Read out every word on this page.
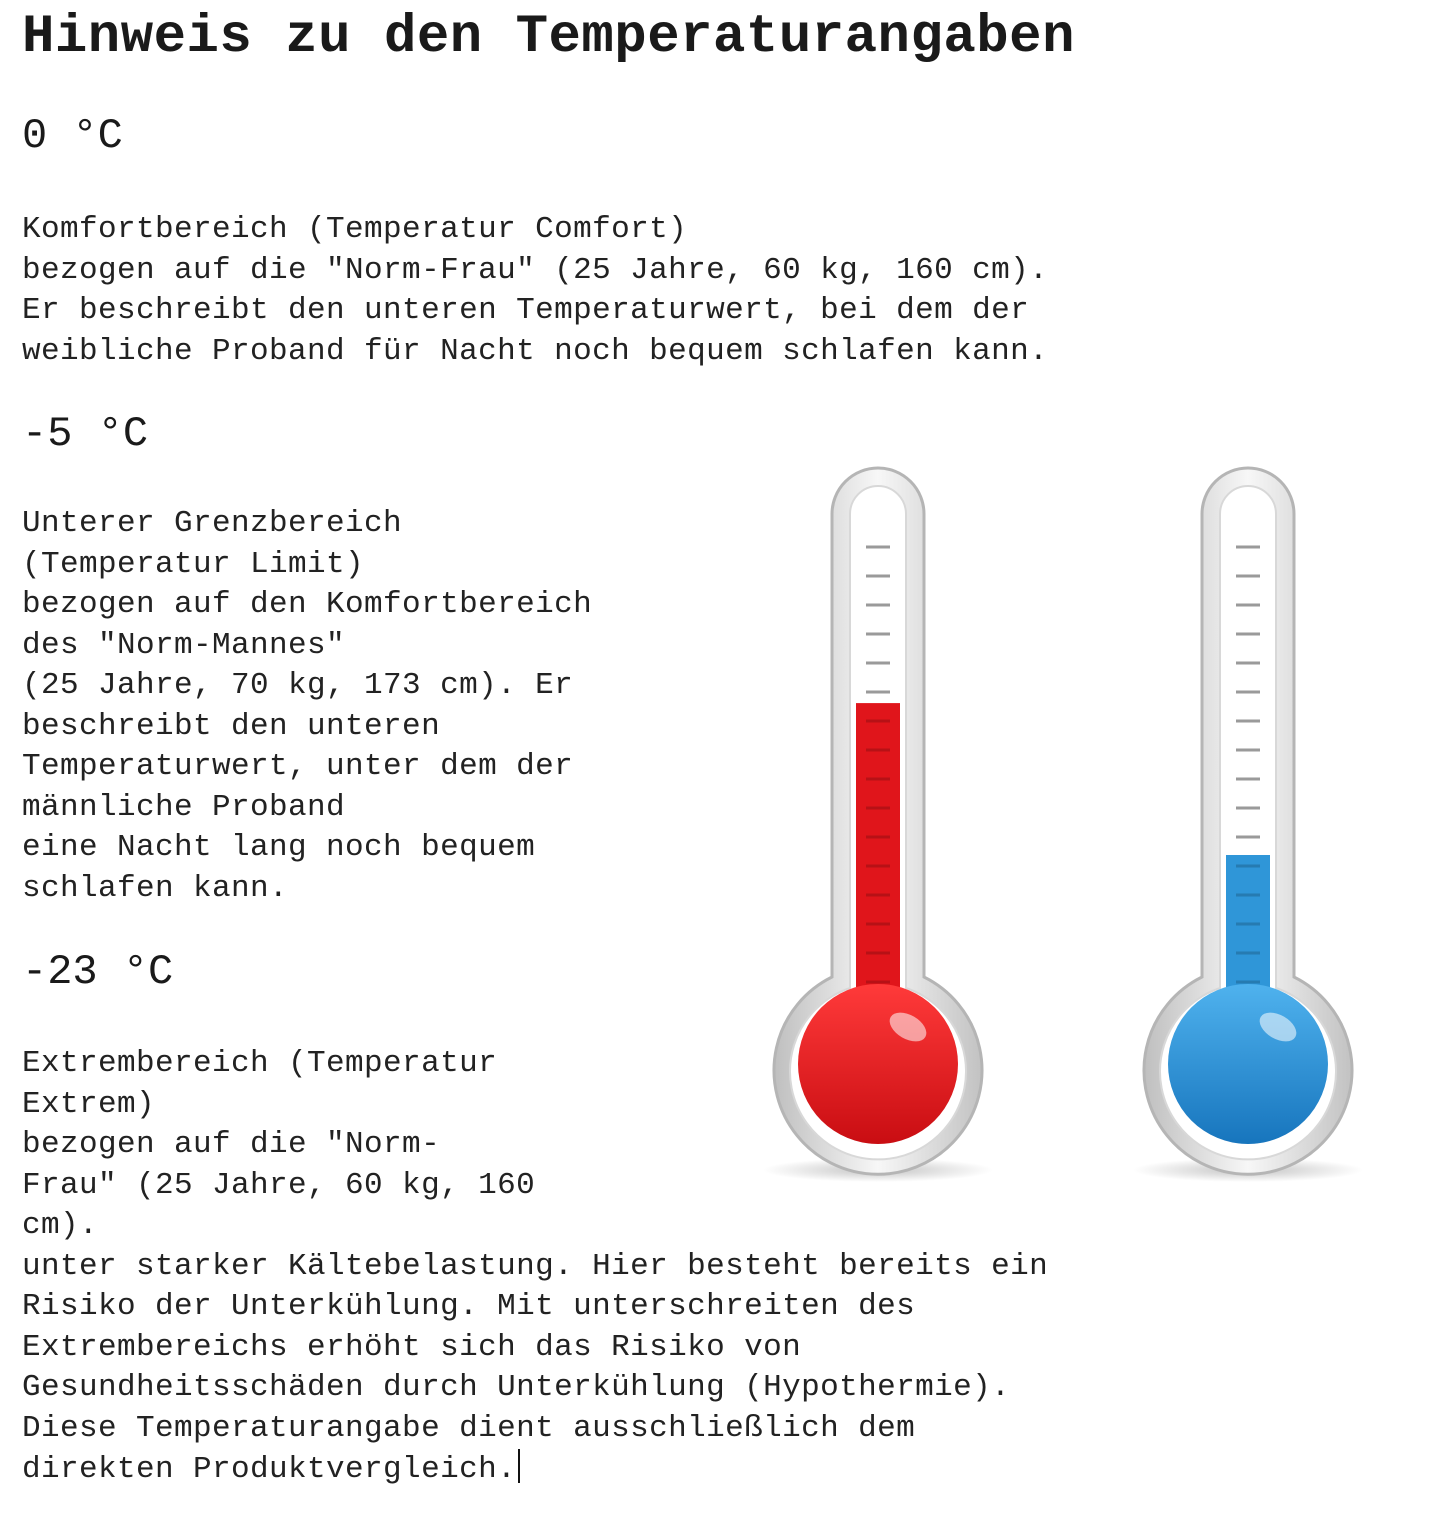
Hinweis zu den Temperaturangaben
0 °C
Komfortbereich (Temperatur Comfort)
bezogen auf die "Norm-Frau" (25 Jahre, 60 kg, 160 cm).
Er beschreibt den unteren Temperaturwert, bei dem der
weibliche Proband für Nacht noch bequem schlafen kann.
-5 °C
Unterer Grenzbereich
(Temperatur Limit)
bezogen auf den Komfortbereich
des "Norm-Mannes"
(25 Jahre, 70 kg, 173 cm). Er
beschreibt den unteren
Temperaturwert, unter dem der
männliche Proband
eine Nacht lang noch bequem
schlafen kann.
-23 °C
Extrembereich (Temperatur
Extrem)
bezogen auf die "Norm-
Frau" (25 Jahre, 60 kg, 160
cm).
unter starker Kältebelastung. Hier besteht bereits ein
Risiko der Unterkühlung. Mit unterschreiten des
Extrembereichs erhöht sich das Risiko von
Gesundheitsschäden durch Unterkühlung (Hypothermie).
Diese Temperaturangabe dient ausschließlich dem
direkten Produktvergleich.
